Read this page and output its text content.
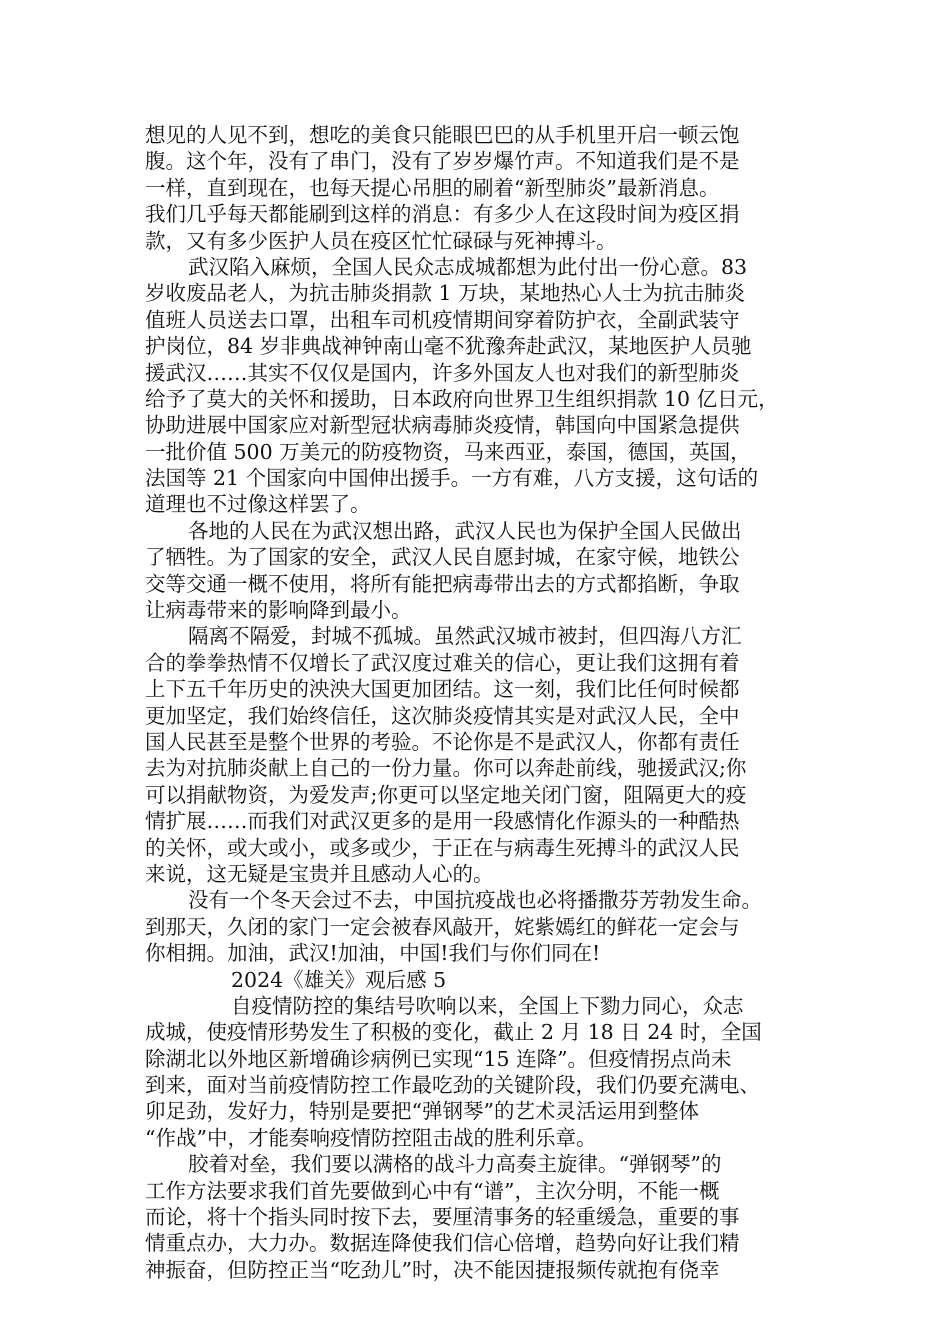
想见的人见不到，想吃的美食只能眼巴巴的从手机里开启一顿云饱
腹。这个年，没有了串门，没有了岁岁爆竹声。不知道我们是不是
一样，直到现在，也每天提心吊胆的刷着“新型肺炎”最新消息。
我们几乎每天都能刷到这样的消息：有多少人在这段时间为疫区捐
款，又有多少医护人员在疫区忙忙碌碌与死神搏斗。
武汉陷入麻烦，全国人民众志成城都想为此付出一份心意。83
岁收废品老人，为抗击肺炎捐款 1 万块，某地热心人士为抗击肺炎
值班人员送去口罩，出租车司机疫情期间穿着防护衣，全副武装守
护岗位，84 岁非典战神钟南山毫不犹豫奔赴武汉，某地医护人员驰
援武汉……其实不仅仅是国内，许多外国友人也对我们的新型肺炎
给予了莫大的关怀和援助，日本政府向世界卫生组织捐款 10 亿日元，
协助进展中国家应对新型冠状病毒肺炎疫情，韩国向中国紧急提供
一批价值 500 万美元的防疫物资，马来西亚，泰国，德国，英国，
法国等 21 个国家向中国伸出援手。一方有难，八方支援，这句话的
道理也不过像这样罢了。
各地的人民在为武汉想出路，武汉人民也为保护全国人民做出
了牺牲。为了国家的安全，武汉人民自愿封城，在家守候，地铁公
交等交通一概不使用，将所有能把病毒带出去的方式都掐断，争取
让病毒带来的影响降到最小。
隔离不隔爱，封城不孤城。虽然武汉城市被封，但四海八方汇
合的拳拳热情不仅增长了武汉度过难关的信心，更让我们这拥有着
上下五千年历史的泱泱大国更加团结。这一刻，我们比任何时候都
更加坚定，我们始终信任，这次肺炎疫情其实是对武汉人民，全中
国人民甚至是整个世界的考验。不论你是不是武汉人，你都有责任
去为对抗肺炎献上自己的一份力量。你可以奔赴前线，驰援武汉;你
可以捐献物资，为爱发声;你更可以坚定地关闭门窗，阻隔更大的疫
情扩展……而我们对武汉更多的是用一段感情化作源头的一种酷热
的关怀，或大或小，或多或少，于正在与病毒生死搏斗的武汉人民
来说，这无疑是宝贵并且感动人心的。
没有一个冬天会过不去，中国抗疫战也必将播撒芬芳勃发生命。
到那天，久闭的家门一定会被春风敲开，姹紫嫣红的鲜花一定会与
你相拥。加油，武汉!加油，中国!我们与你们同在!
2024《雄关》观后感 5
自疫情防控的集结号吹响以来，全国上下勠力同心，众志
成城，使疫情形势发生了积极的变化，截止 2 月 18 日 24 时，全国
除湖北以外地区新增确诊病例已实现“15 连降”。但疫情拐点尚未
到来，面对当前疫情防控工作最吃劲的关键阶段，我们仍要充满电、
卯足劲，发好力，特别是要把“弹钢琴”的艺术灵活运用到整体
“作战”中，才能奏响疫情防控阻击战的胜利乐章。
胶着对垒，我们要以满格的战斗力高奏主旋律。“弹钢琴”的
工作方法要求我们首先要做到心中有“谱”，主次分明，不能一概
而论，将十个指头同时按下去，要厘清事务的轻重缓急，重要的事
情重点办，大力办。数据连降使我们信心倍增，趋势向好让我们精
神振奋，但防控正当“吃劲儿”时，决不能因捷报频传就抱有侥幸
